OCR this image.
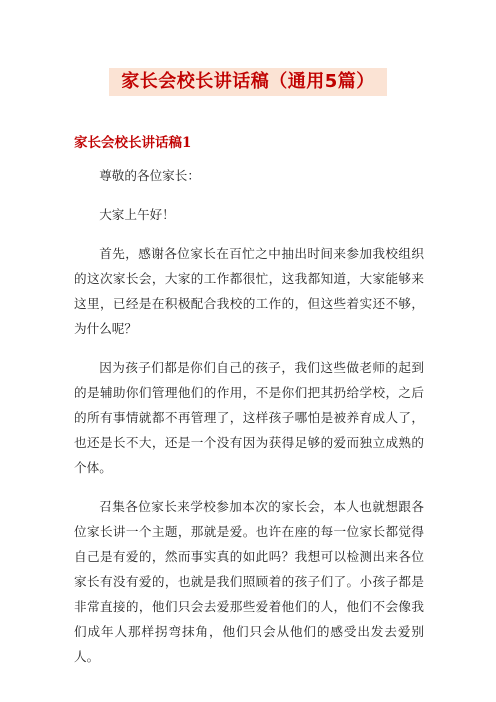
家长会校长讲话稿（通用5篇）
家长会校长讲话稿1

尊敬的各位家长：

大家上午好！

首先，感谢各位家长在百忙之中抽出时间来参加我校组织的这次家长会，大家的工作都很忙，这我都知道，大家能够来这里，已经是在积极配合我校的工作的，但这些着实还不够，为什么呢？

因为孩子们都是你们自己的孩子，我们这些做老师的起到的是辅助你们管理他们的作用，不是你们把其扔给学校，之后的所有事情就都不再管理了，这样孩子哪怕是被养育成人了，也还是长不大，还是一个没有因为获得足够的爱而独立成熟的个体。

召集各位家长来学校参加本次的家长会，本人也就想跟各位家长讲一个主题，那就是爱。也许在座的每一位家长都觉得自己是有爱的，然而事实真的如此吗？我想可以检测出来各位家长有没有爱的，也就是我们照顾着的孩子们了。小孩子都是非常直接的，他们只会去爱那些爱着他们的人，他们不会像我们成年人那样拐弯抹角，他们只会从他们的感受出发去爱别人。
